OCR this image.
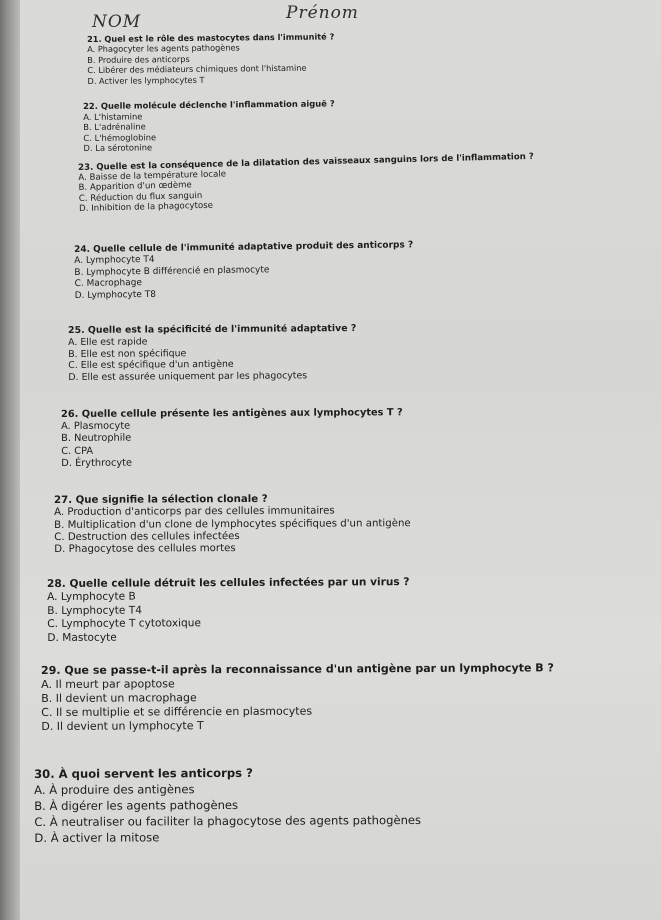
NOM	Prénom
21. Quel est le rôle des mastocytes dans l'immunité ?
A. Phagocyter les agents pathogènes
B. Produire des anticorps
C. Libérer des médiateurs chimiques dont l'histamine
D. Activer les lymphocytes T
22. Quelle molécule déclenche l'inflammation aiguë ?
A. L'histamine
B. L'adrénaline
C. L'hémoglobine
D. La sérotonine
23. Quelle est la conséquence de la dilatation des vaisseaux sanguins lors de l'inflammation ?
A. Baisse de la température locale
B. Apparition d'un œdème
C. Réduction du flux sanguin
D. Inhibition de la phagocytose
24. Quelle cellule de l'immunité adaptative produit des anticorps ?
A. Lymphocyte T4
B. Lymphocyte B différencié en plasmocyte
C. Macrophage
D. Lymphocyte T8
25. Quelle est la spécificité de l'immunité adaptative ?
A. Elle est rapide
B. Elle est non spécifique
C. Elle est spécifique d'un antigène
D. Elle est assurée uniquement par les phagocytes
26. Quelle cellule présente les antigènes aux lymphocytes T ?
A. Plasmocyte
B. Neutrophile
C. CPA
D. Érythrocyte
27. Que signifie la sélection clonale ?
A. Production d'anticorps par des cellules immunitaires
B. Multiplication d'un clone de lymphocytes spécifiques d'un antigène
C. Destruction des cellules infectées
D. Phagocytose des cellules mortes
28. Quelle cellule détruit les cellules infectées par un virus ?
A. Lymphocyte B
B. Lymphocyte T4
C. Lymphocyte T cytotoxique
D. Mastocyte
29. Que se passe-t-il après la reconnaissance d'un antigène par un lymphocyte B ?
A. Il meurt par apoptose
B. Il devient un macrophage
C. Il se multiplie et se différencie en plasmocytes
D. Il devient un lymphocyte T
30. À quoi servent les anticorps ?
A. À produire des antigènes
B. À digérer les agents pathogènes
C. À neutraliser ou faciliter la phagocytose des agents pathogènes
D. À activer la mitose
